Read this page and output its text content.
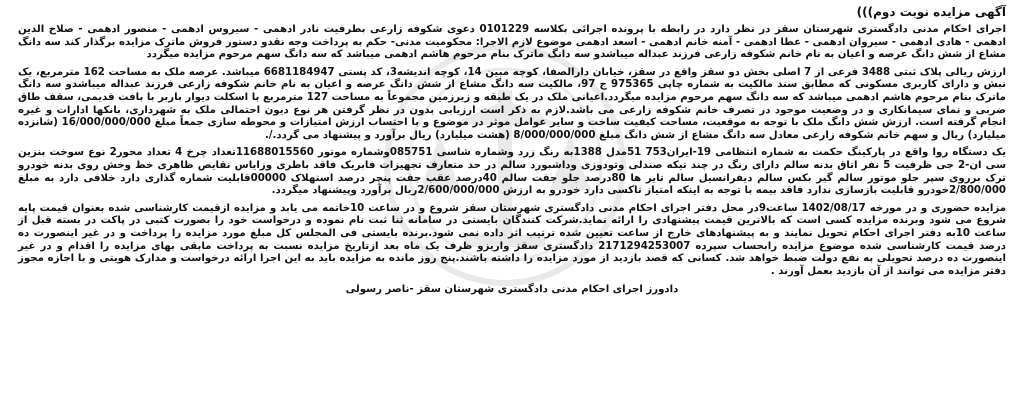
آگهی مزایده نوبت دوم)))
اجرای احکام مدنی دادگستری شهرستان سقز در نظر دارد در رابطه با پرونده اجرائی بکلاسه 0101229 دعوی شکوفه زارعی بطرفیت نادر ادهمی - سیروس ادهمی - منصور ادهمی - صلاح الدین ادهمی - هادی ادهمی - سیروان ادهمی - عطا ادهمی - آمنه خانم ادهمی - اسعد ادهمی موضوع لازم الاجرا: محکومیت مدنی- حکم به پرداخت وجه نقدو دستور فروش ماترک مزایده برگذار کند سه دانگ مشاع از شش دانگ عرصه و اعیان به نام خانم شکوفه زارعی فرزند عبداله میباشدو سه دانگ ماترک بنام مرحوم هاشم ادهمی میباشد که سه دانگ سهم مرحوم مزایده میگردد
ارزش ریالی پلاک ثبتی 3488 فرعی از 7 اصلی بخش دو سقز واقع در سقز، خیابان دارالصفا، کوچه مبین 14، کوچه اندیشه3، کد پستی 6681184947 میباشد. عرصه ملک به مساحت 162 مترمربع، یک نبش و دارای کاربری مسکونی که مطابق سند مالکیت به شماره چاپی 975365 ج 97، مالکیت سه دانگ مشاع از شش دانگ عرصه و اعیان به نام خانم شکوفه زارعی فرزند عبداله میباشدو سه دانگ ماترک بنام مرحوم هاشم ادهمی میباشد که سه دانگ سهم مرحوم مزایده میگردد.اعیانی ملک در یک طبقه و زیرزمین مجموعاً به مساحت 127 مترمربع با اسکلت دیوار باربر با بافت قدیمی، سقف طاق ضربی و نمای سیمانکاری و در وضعیت موجود در تصرف خانم شکوفه زارعی می باشد.لازم به ذکر است ارزیابی بدون در نظر گرفتن هر نوع دیون احتمالی ملک به شهرداری، بانکها ادارات و غیره انجام گرفته است. ارزش شش دانگ ملک با توجه به موقعیت، مساحت کیفیت ساخت و سایر عوامل موثر در موضوع و با احتساب ارزش امتیازات و محوطه سازی جمعاً مبلغ 16/000/000/000 (شانزده میلیارد) ریال و سهم خانم شکوفه زارعی معادل سه دانگ مشاع از شش دانگ مبلغ 8/000/000/000 (هشت میلیارد) ریال برآورد و پیشنهاد می گردد./.
یک دستگاه روا واقع در پارکینگ حکمت به شماره انتظامی 19-ایران753 51مدل 1388به رنگ زرد وشماره شاسی 085751وشماره موتور 11688015560تعداد چرخ 4 تعداد محور2 نوع سوخت بنزین سی ان-2 جی ظرفیت 5 نفر اتاق بدنه سالم دارای رنگ در چند تیکه صندلی وتودوزی وداشبورد سالم در حد متعارف تجهیزات فابریک فاقد باطری وزایاس نقایص ظاهری خط وخش روی بدنه خودرو ترک برروی سپر جلو موتور سالم گیر بکس سالم دیفرانسیل سالم تایر ها 80درصد جلو جفت سالم 40درصد عقب جفت پنچر درصد استهلاک 00000قابلیت شماره گذاری دارد خلافی دارد به مبلغ 2/800/000خودرو قابلیت بازسازی ندارد فاقد بیمه با توجه به اینکه امتیاز تاکسی دارد خودرو به ارزش 2/600/000/000ریال برآورد وپیشنهاد میگردد.
مزایده حضوری و در مورخه 1402/08/17 ساعت9در محل دفتر اجرای احکام مدنی دادگستری شهرستان سقز شروع و در ساعت 10خاتمه می یابد و مزایده ازقیمت کارشناسی شده بعنوان قیمت پایه شروع می شود وبرنده مزایده کسی است که بالاترین قیمت پیشنهادی را ارائه نماید.شرکت کنندگان بایستی در سامانه ثنا ثبت نام نموده و درخواست خود را بصورت کتبی در پاکت در بسته قبل از ساعت 10به دفتر اجرای احکام تحویل نمایند و به پیشنهادهای خارج از ساعت تعیین شده ترتیب اثر داده نمی شود.برنده بایستی فی المجلس کل مبلغ مورد مزایده را پرداخت و در غیر اینصورت ده درصد قیمت کارشناسی شده موضوع مزایده رابحساب سپرده 2171294253007 دادگستری سقز واریزو ظرف یک ماه بعد ازتاریخ مزایده نسبت به پرداخت مابقی بهای مزایده را اقدام و در غیر اینصورت ده درصد تحویلی به نفع دولت ضبط خواهد شد. کسانی که قصد بازدید از مورد مزایده را داشته باشند.پنج روز مانده به مزایده باید به این اجرا ارائه درخواست و مدارک هویتی و با اجازه مجوز دفتر مزایده می توانند از آن بازدید بعمل آورند .
دادورز اجرای احکام مدنی دادگستری شهرستان سقز -ناصر رسولی
